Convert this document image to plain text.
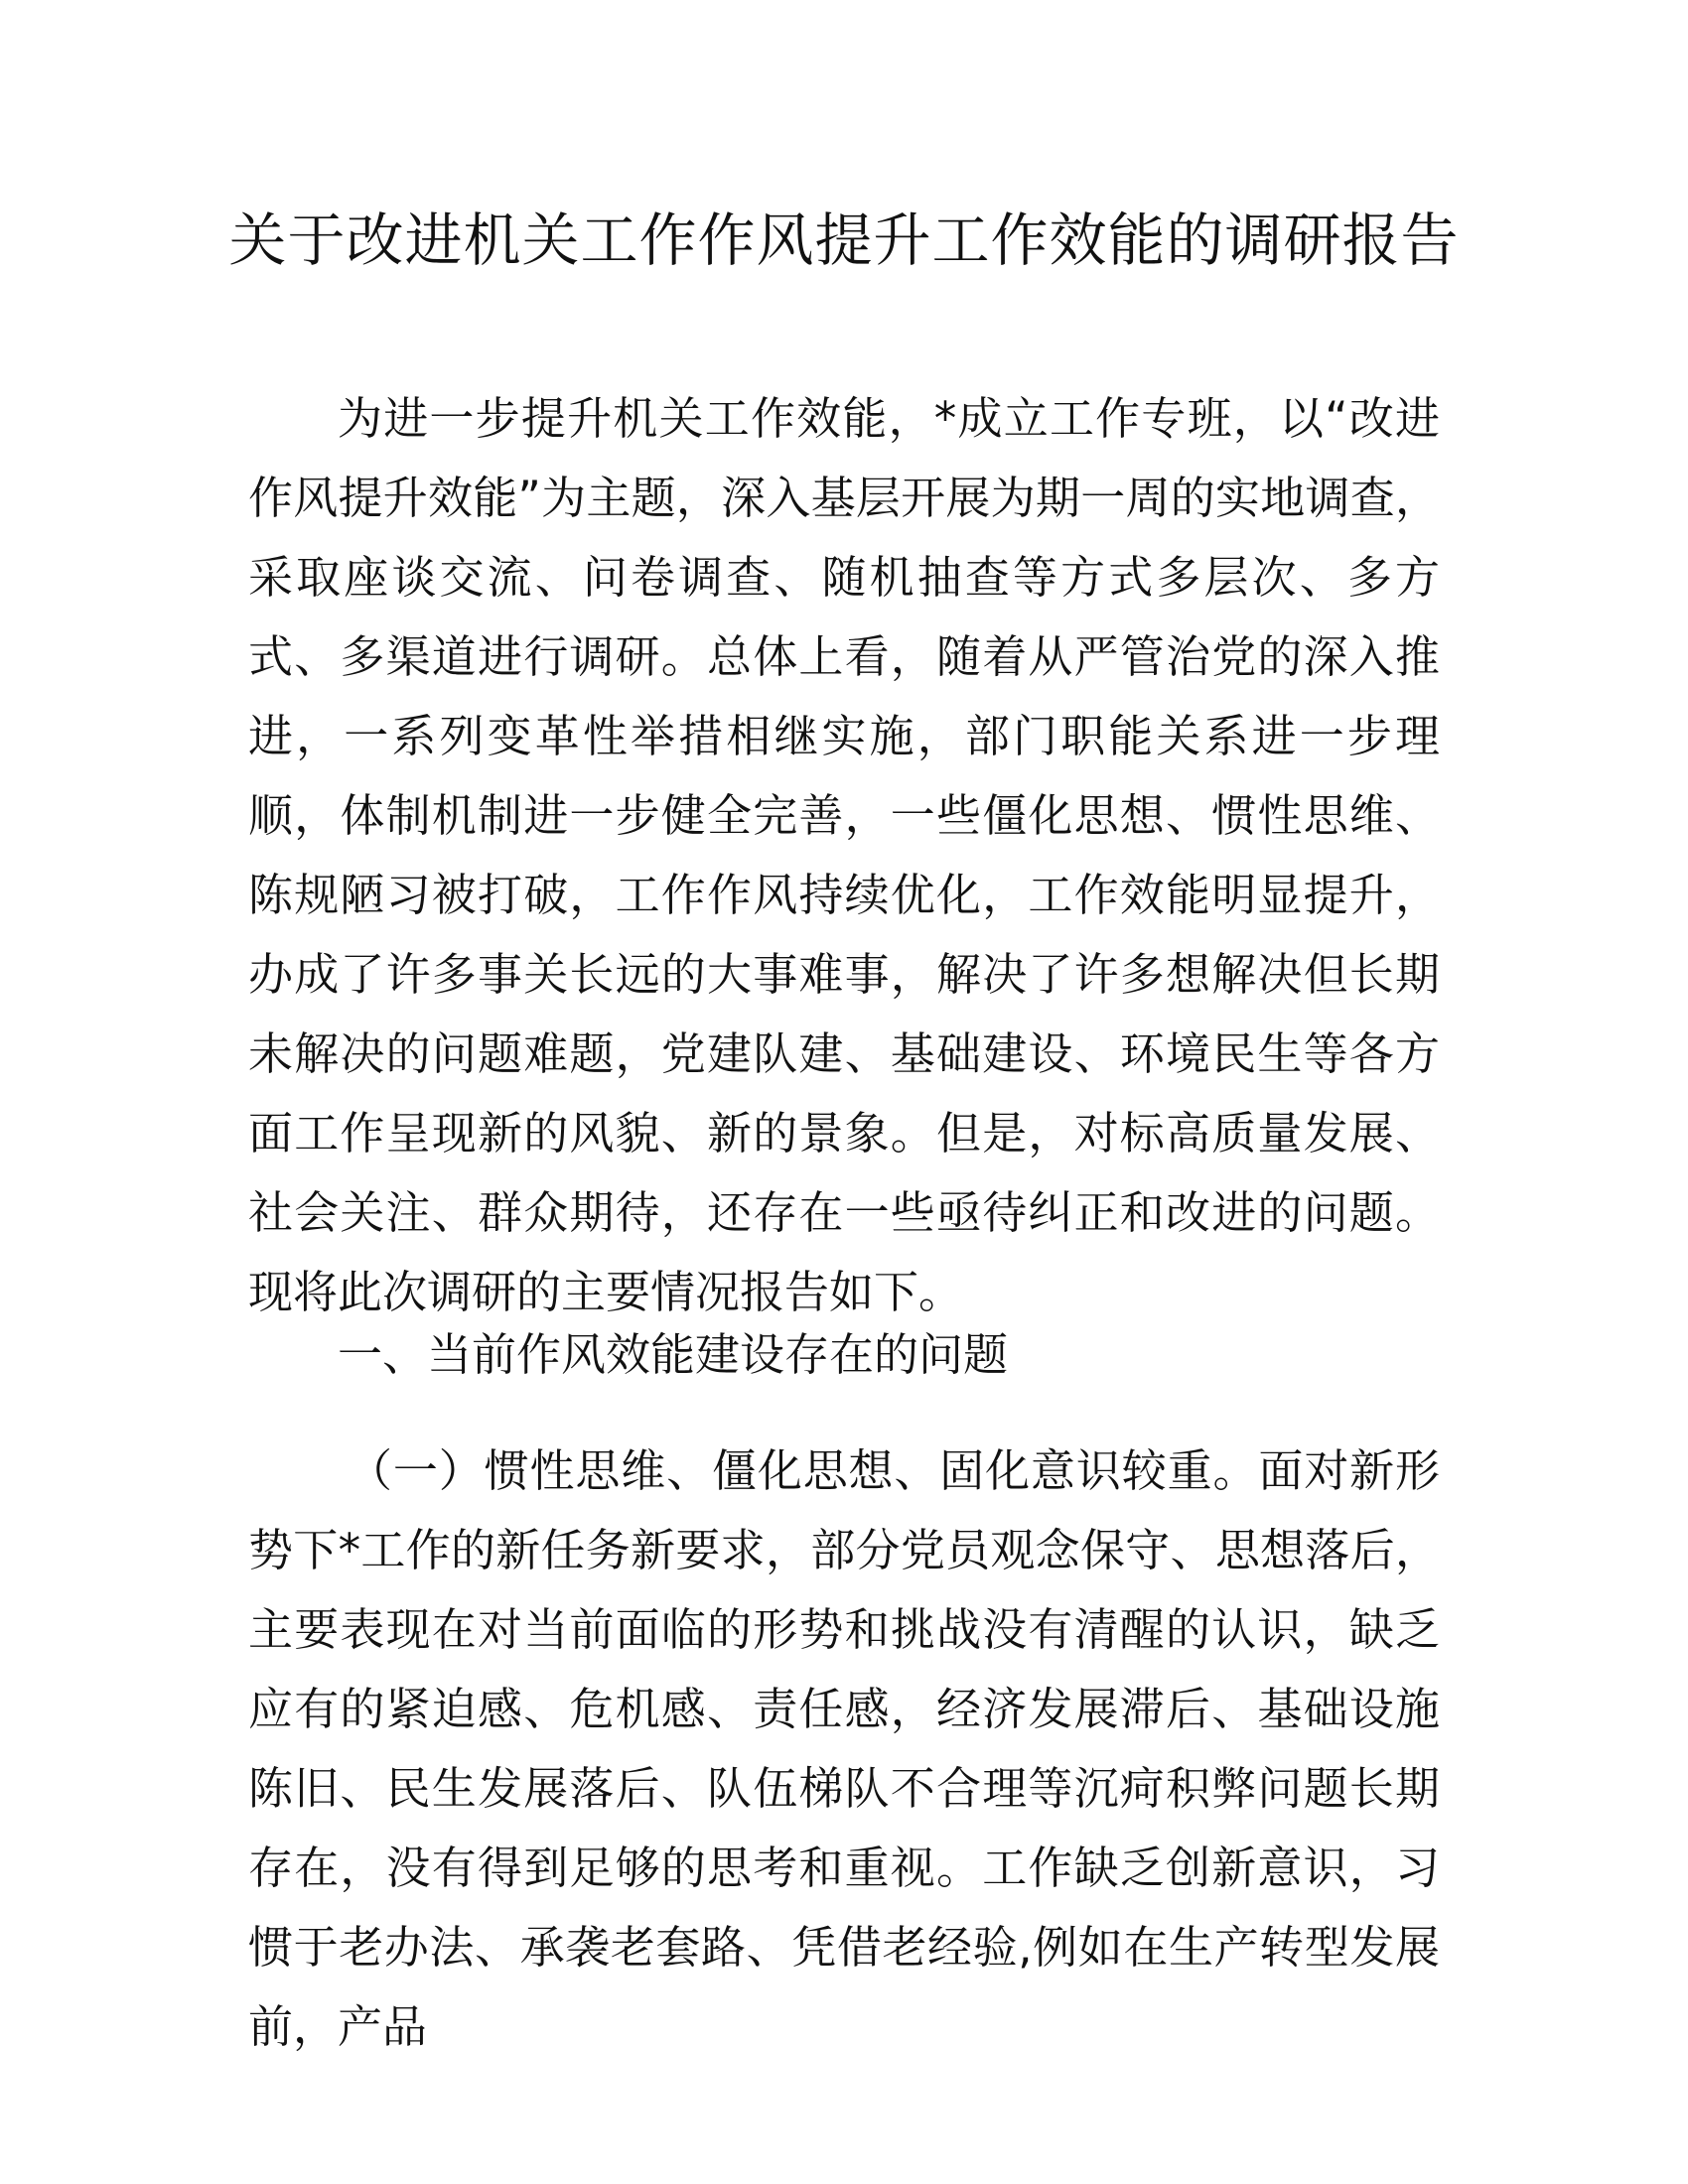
关于改进机关工作作风提升工作效能的调研报告

为进一步提升机关工作效能，*成立工作专班，以“改进作风提升效能”为主题，深入基层开展为期一周的实地调查，采取座谈交流、问卷调查、随机抽查等方式多层次、多方式、多渠道进行调研。总体上看，随着从严管治党的深入推进，一系列变革性举措相继实施，部门职能关系进一步理顺，体制机制进一步健全完善，一些僵化思想、惯性思维、陈规陋习被打破，工作作风持续优化，工作效能明显提升，办成了许多事关长远的大事难事，解决了许多想解决但长期未解决的问题难题，党建队建、基础建设、环境民生等各方面工作呈现新的风貌、新的景象。但是，对标高质量发展、社会关注、群众期待，还存在一些亟待纠正和改进的问题。现将此次调研的主要情况报告如下。

一、当前作风效能建设存在的问题

（一）惯性思维、僵化思想、固化意识较重。面对新形势下*工作的新任务新要求，部分党员观念保守、思想落后，主要表现在对当前面临的形势和挑战没有清醒的认识，缺乏应有的紧迫感、危机感、责任感，经济发展滞后、基础设施陈旧、民生发展落后、队伍梯队不合理等沉疴积弊问题长期存在，没有得到足够的思考和重视。工作缺乏创新意识，习惯于老办法、承袭老套路、凭借老经验,例如在生产转型发展前，产品
